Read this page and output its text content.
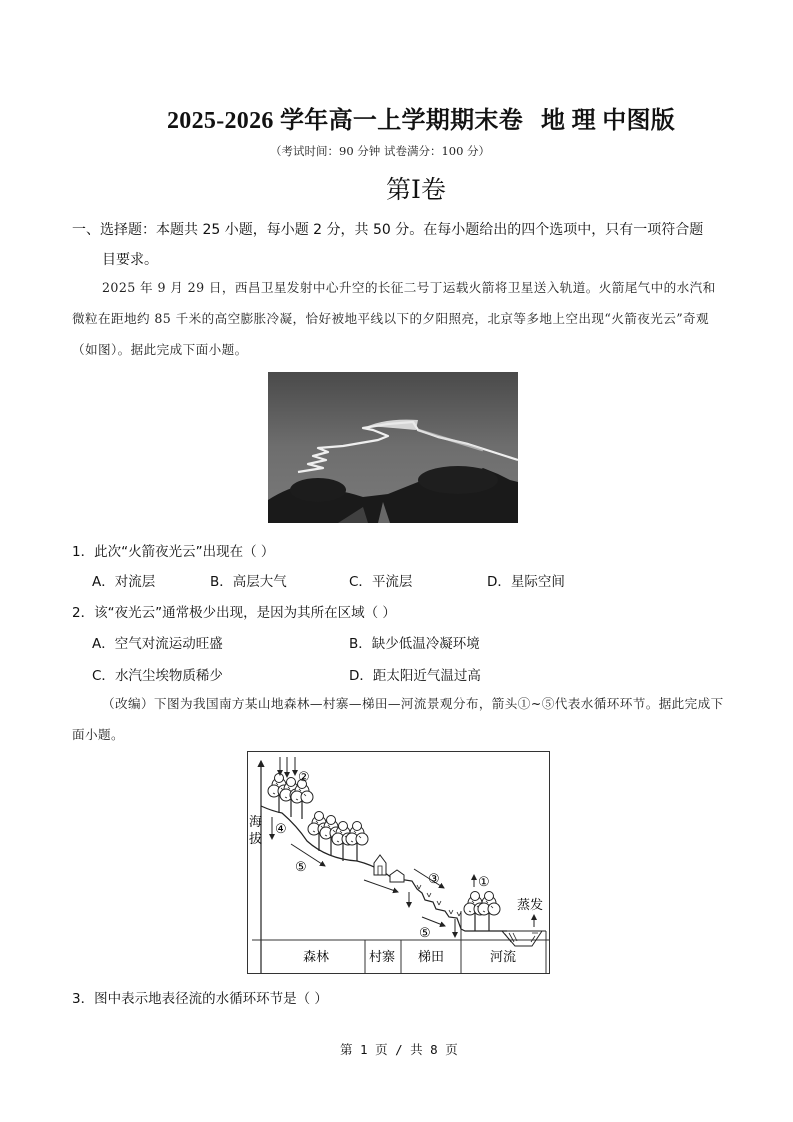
2025-2026 学年高一上学期期末卷 地 理 中图版
（考试时间：90 分钟 试卷满分：100 分）
第I卷
一、选择题：本题共 25 小题，每小题 2 分，共 50 分。在每小题给出的四个选项中，只有一项符合题
目要求。
2025 年 9 月 29 日，西昌卫星发射中心升空的长征二号丁运载火箭将卫星送入轨道。火箭尾气中的水汽和微粒在距地约 85 千米的高空膨胀冷凝，恰好被地平线以下的夕阳照亮，北京等多地上空出现“火箭夜光云”奇观（如图）。据此完成下面小题。
1．此次“火箭夜光云”出现在（ ）
A．对流层	B．高层大气	C．平流层	D．星际空间
2．该“夜光云”通常极少出现，是因为其所在区域（ ）
A．空气对流运动旺盛	B．缺少低温冷凝环境
C．水汽尘埃物质稀少	D．距太阳近气温过高
（改编）下图为我国南方某山地森林—村寨—梯田—河流景观分布，箭头①~⑤代表水循环环节。据此完成下面小题。
海
拔
②
④
⑤
③
⑤
①
蒸发
森林	村寨 梯田	河流
3．图中表示地表径流的水循环环节是（ ）
第 1 页 / 共 8 页
